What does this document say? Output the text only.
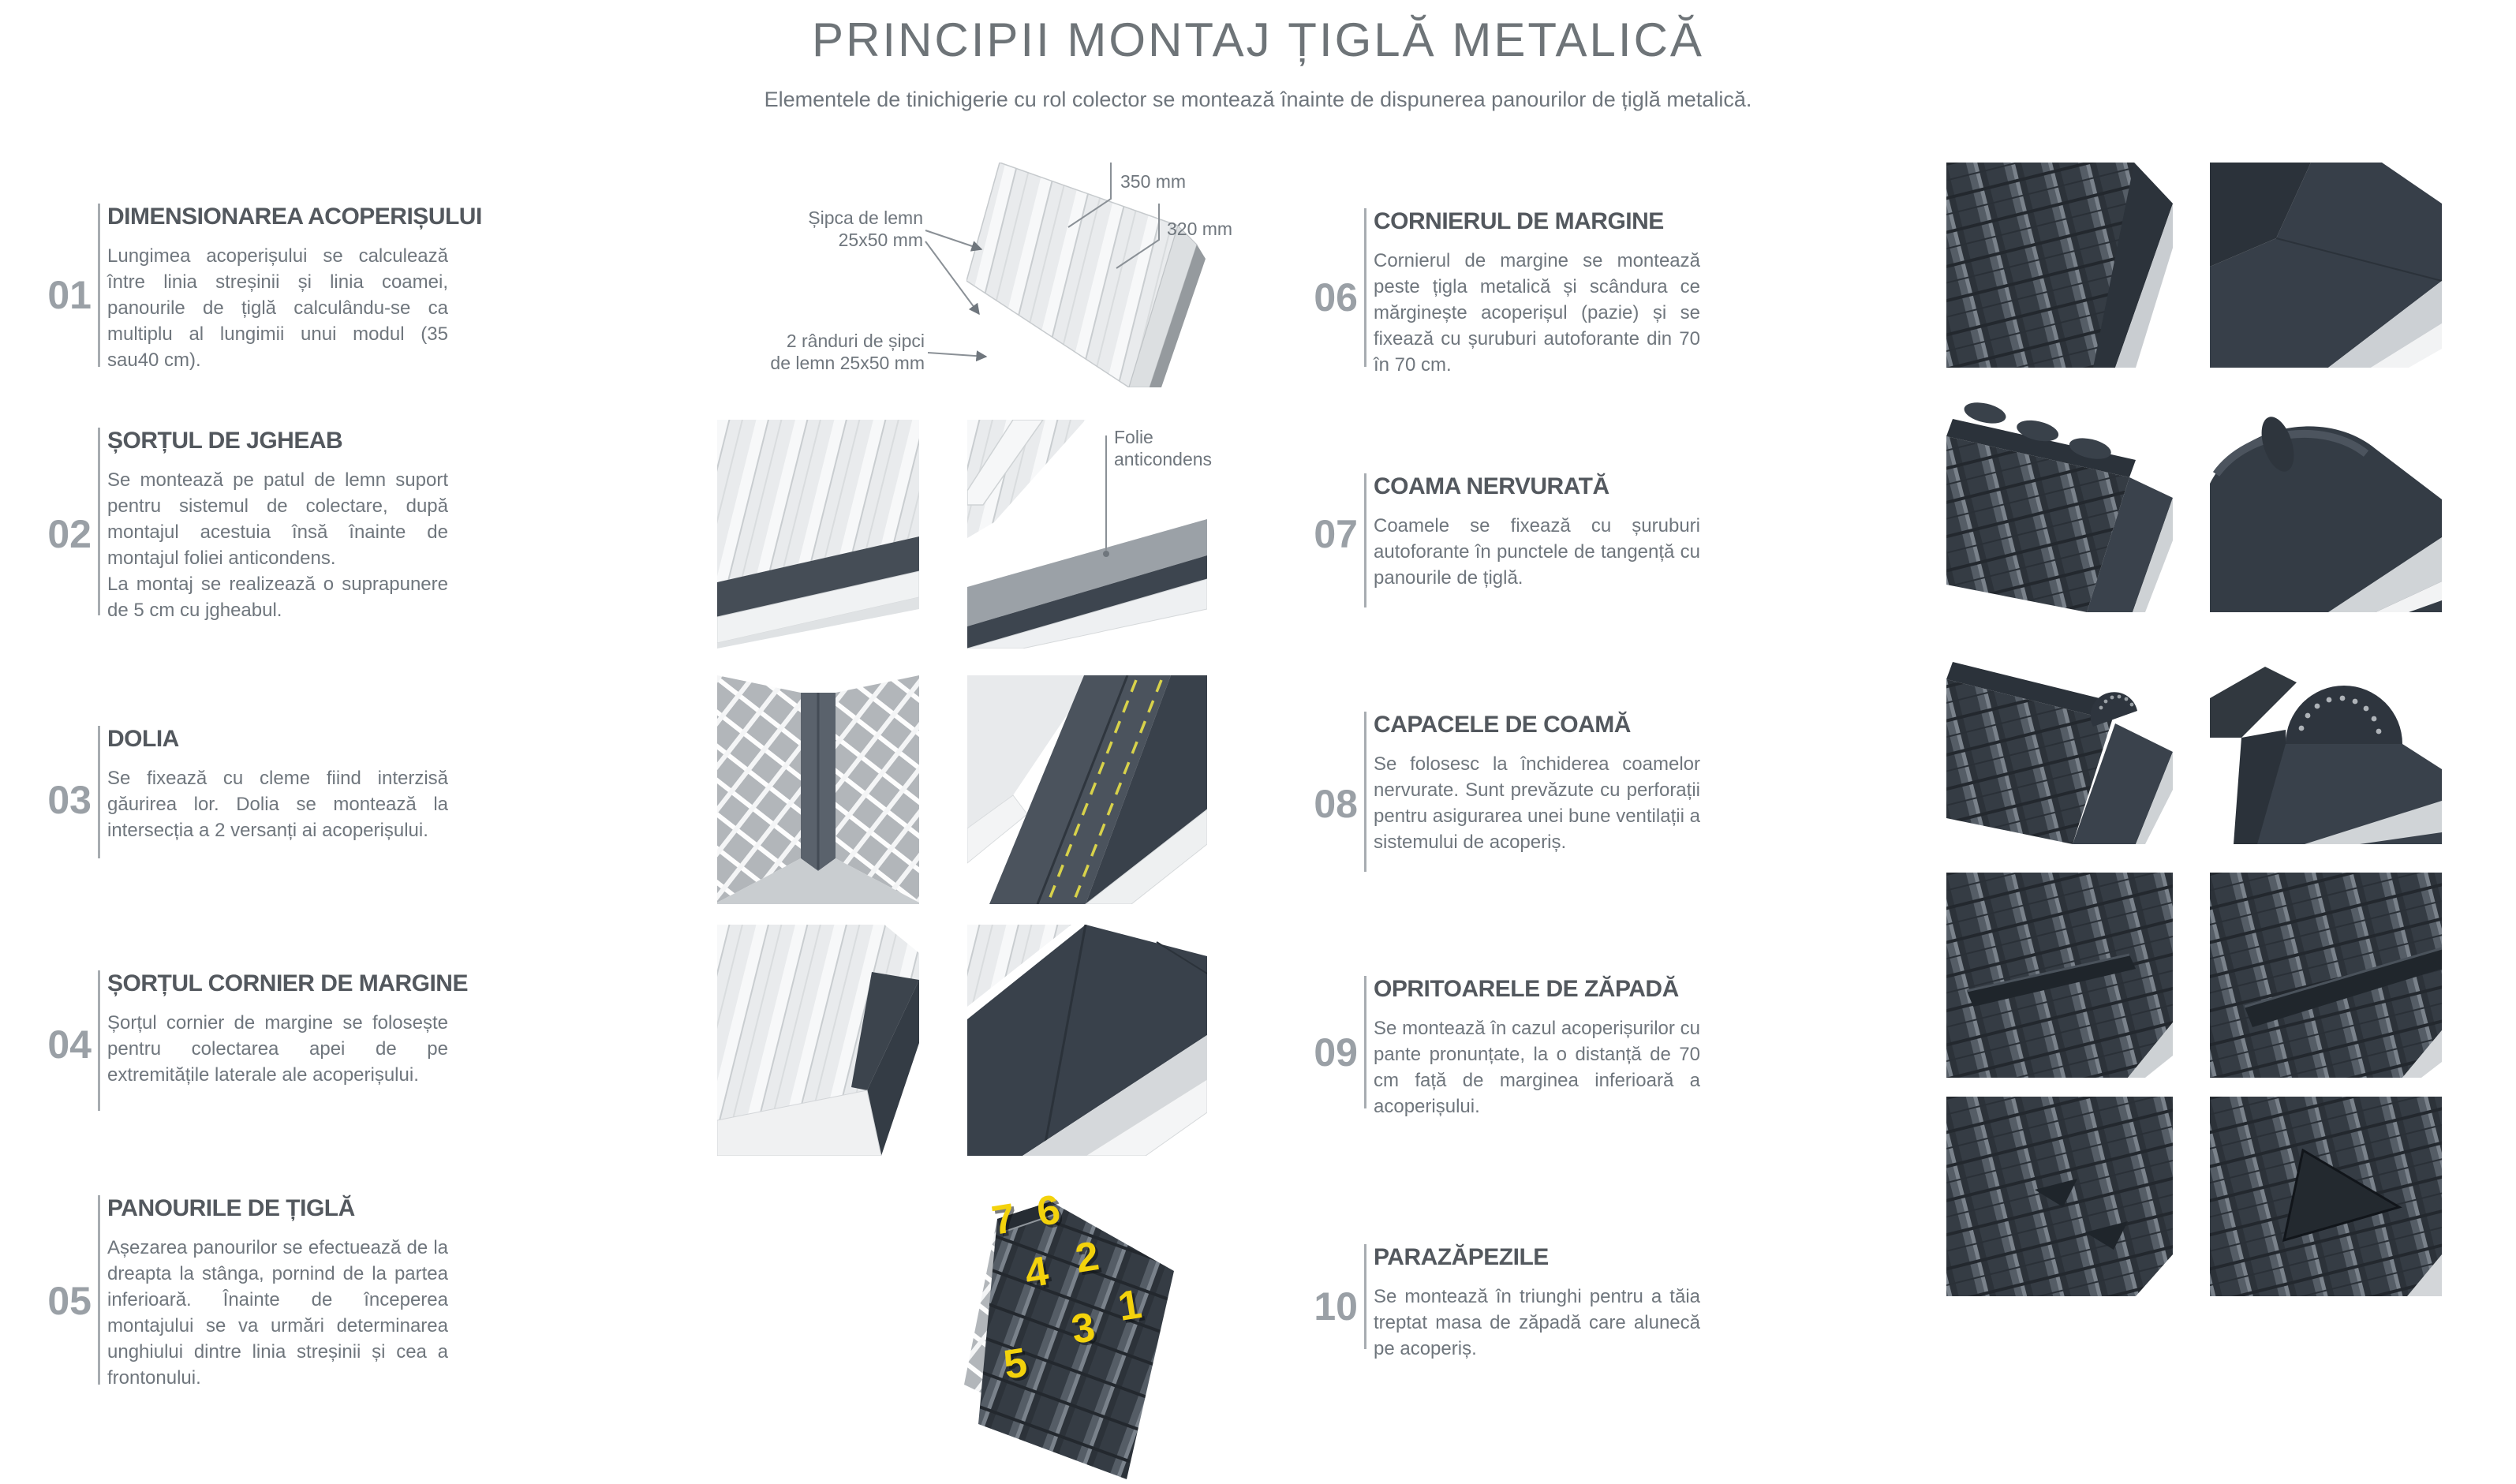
PRINCIPII MONTAJ ȚIGLĂ METALICĂ

Elementele de tinichigerie cu rol colector se montează înainte de dispunerea panourilor de țiglă metalică.

01
DIMENSIONAREA ACOPERIȘULUI

Lungimea acoperișului se calculează între linia streșinii și linia coamei, panourile de țiglă calculându-se ca multiplu al lungimii unui modul (35 sau40 cm).

02
ȘORȚUL DE JGHEAB

Se montează pe patul de lemn suport pentru sistemul de colectare, după montajul acestuia însă înainte de montajul foliei anticondens.

La montaj se realizează o suprapunere de 5 cm cu jgheabul.

03
DOLIA

Se fixează cu cleme fiind interzisă găurirea lor. Dolia se montează la intersecția a 2 versanți ai acoperișului.

04
ȘORȚUL CORNIER DE MARGINE

Șorțul cornier de margine se folosește pentru colectarea apei de pe extremitățile laterale ale acoperișului.

05
PANOURILE DE ȚIGLĂ

Așezarea panourilor se efectuează de la dreapta la stânga, pornind de la partea inferioară. Înainte de începerea montajului se va urmări determinarea unghiului dintre linia streșinii și cea a frontonului.

06
CORNIERUL DE MARGINE

Cornierul de margine se montează peste țigla metalică și scândura ce mărginește acoperișul (pazie) și se fixează cu șuruburi autoforante din 70 în 70 cm.

07
COAMA NERVURATĂ

Coamele se fixează cu șuruburi autoforante în punctele de tangență cu panourile de țiglă.

08
CAPACELE DE COAMĂ

Se folosesc la închiderea coamelor nervurate. Sunt prevăzute cu perforații pentru asigurarea unei bune ventilații a sistemului de acoperiș.

09
OPRITOARELE DE ZĂPADĂ

Se montează în cazul acoperișurilor cu pante pronunțate, la o distanță de 70 cm față de marginea inferioară a acoperișului.

10
PARAZĂPEZILE

Se montează în triunghi pentru a tăia treptat masa de zăpadă care alunecă pe acoperiș.

7 6
4 2
3 1
5
Șipca de lemn
25x50 mm
350 mm
320 mm
2 rânduri de șipci
de lemn 25x50 mm
Folie
anticondens
